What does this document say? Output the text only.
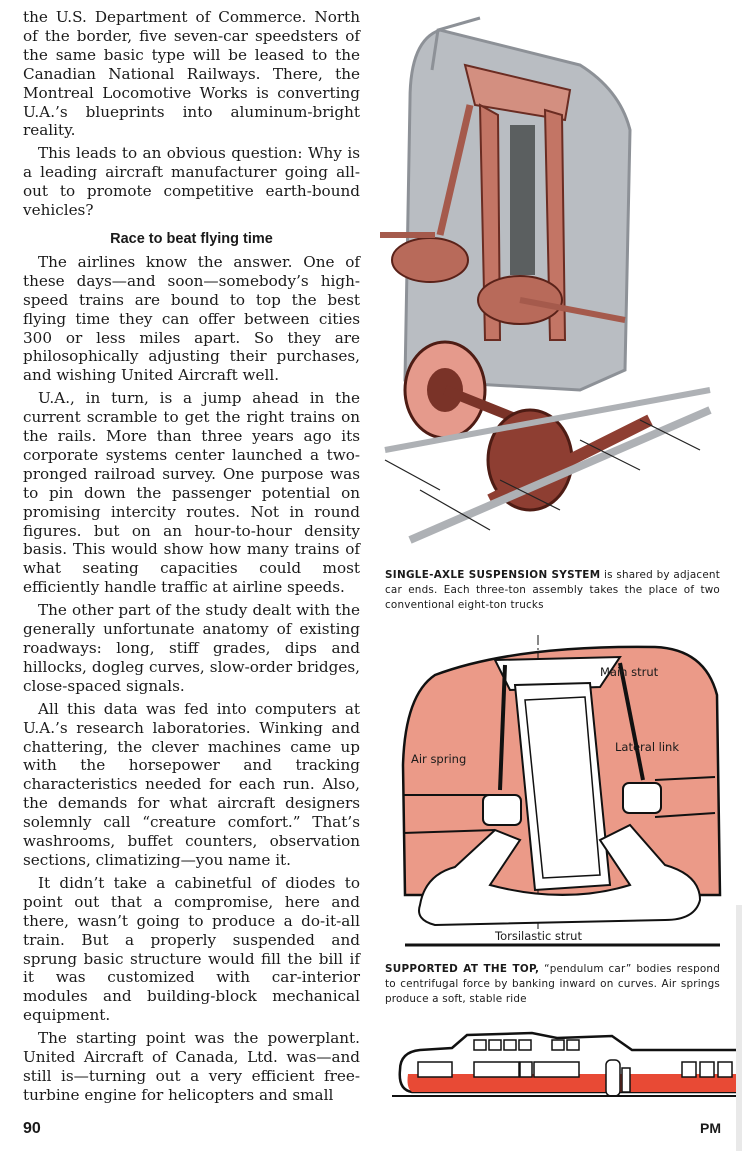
the U.S. Department of Commerce. North of the border, five seven-car speedsters of the same basic type will be leased to the Canadian National Railways. There, the Montreal Locomotive Works is converting U.A.’s blueprints into aluminum-bright reality.

This leads to an obvious question: Why is a leading aircraft manufacturer going all-out to promote competitive earth-bound vehicles?

Race to beat flying time

The airlines know the answer. One of these days—and soon—somebody’s high-speed trains are bound to top the best flying time they can offer between cities 300 or less miles apart. So they are philosophically adjusting their purchases, and wishing United Aircraft well.

U.A., in turn, is a jump ahead in the current scramble to get the right trains on the rails. More than three years ago its corporate systems center launched a two-pronged railroad survey. One purpose was to pin down the passenger potential on promising intercity routes. Not in round figures. but on an hour-to-hour density basis. This would show how many trains of what seating capacities could most efficiently handle traffic at airline speeds.

The other part of the study dealt with the generally unfortunate anatomy of existing roadways: long, stiff grades, dips and hillocks, dogleg curves, slow-order bridges, close-spaced signals.

All this data was fed into computers at U.A.’s research laboratories. Winking and chattering, the clever machines came up with the horsepower and tracking characteristics needed for each run. Also, the demands for what aircraft designers solemnly call “creature comfort.” That’s washrooms, buffet counters, observation sections, climatizing—you name it.

It didn’t take a cabinetful of diodes to point out that a compromise, here and there, wasn’t going to produce a do-it-all train. But a properly suspended and sprung basic structure would fill the bill if it was customized with car-interior modules and building-block mechanical equipment.

The starting point was the powerplant. United Aircraft of Canada, Ltd. was—and still is—turning out a very efficient free-turbine engine for helicopters and small

SINGLE-AXLE SUSPENSION SYSTEM is shared by adjacent car ends. Each three-ton assembly takes the place of two conventional eight-ton trucks
Main strut
Lateral link
Air spring
Torsilastic strut
SUPPORTED AT THE TOP, “pendulum car” bodies respond to centrifugal force by banking inward on curves. Air springs produce a soft, stable ride
90	PM
